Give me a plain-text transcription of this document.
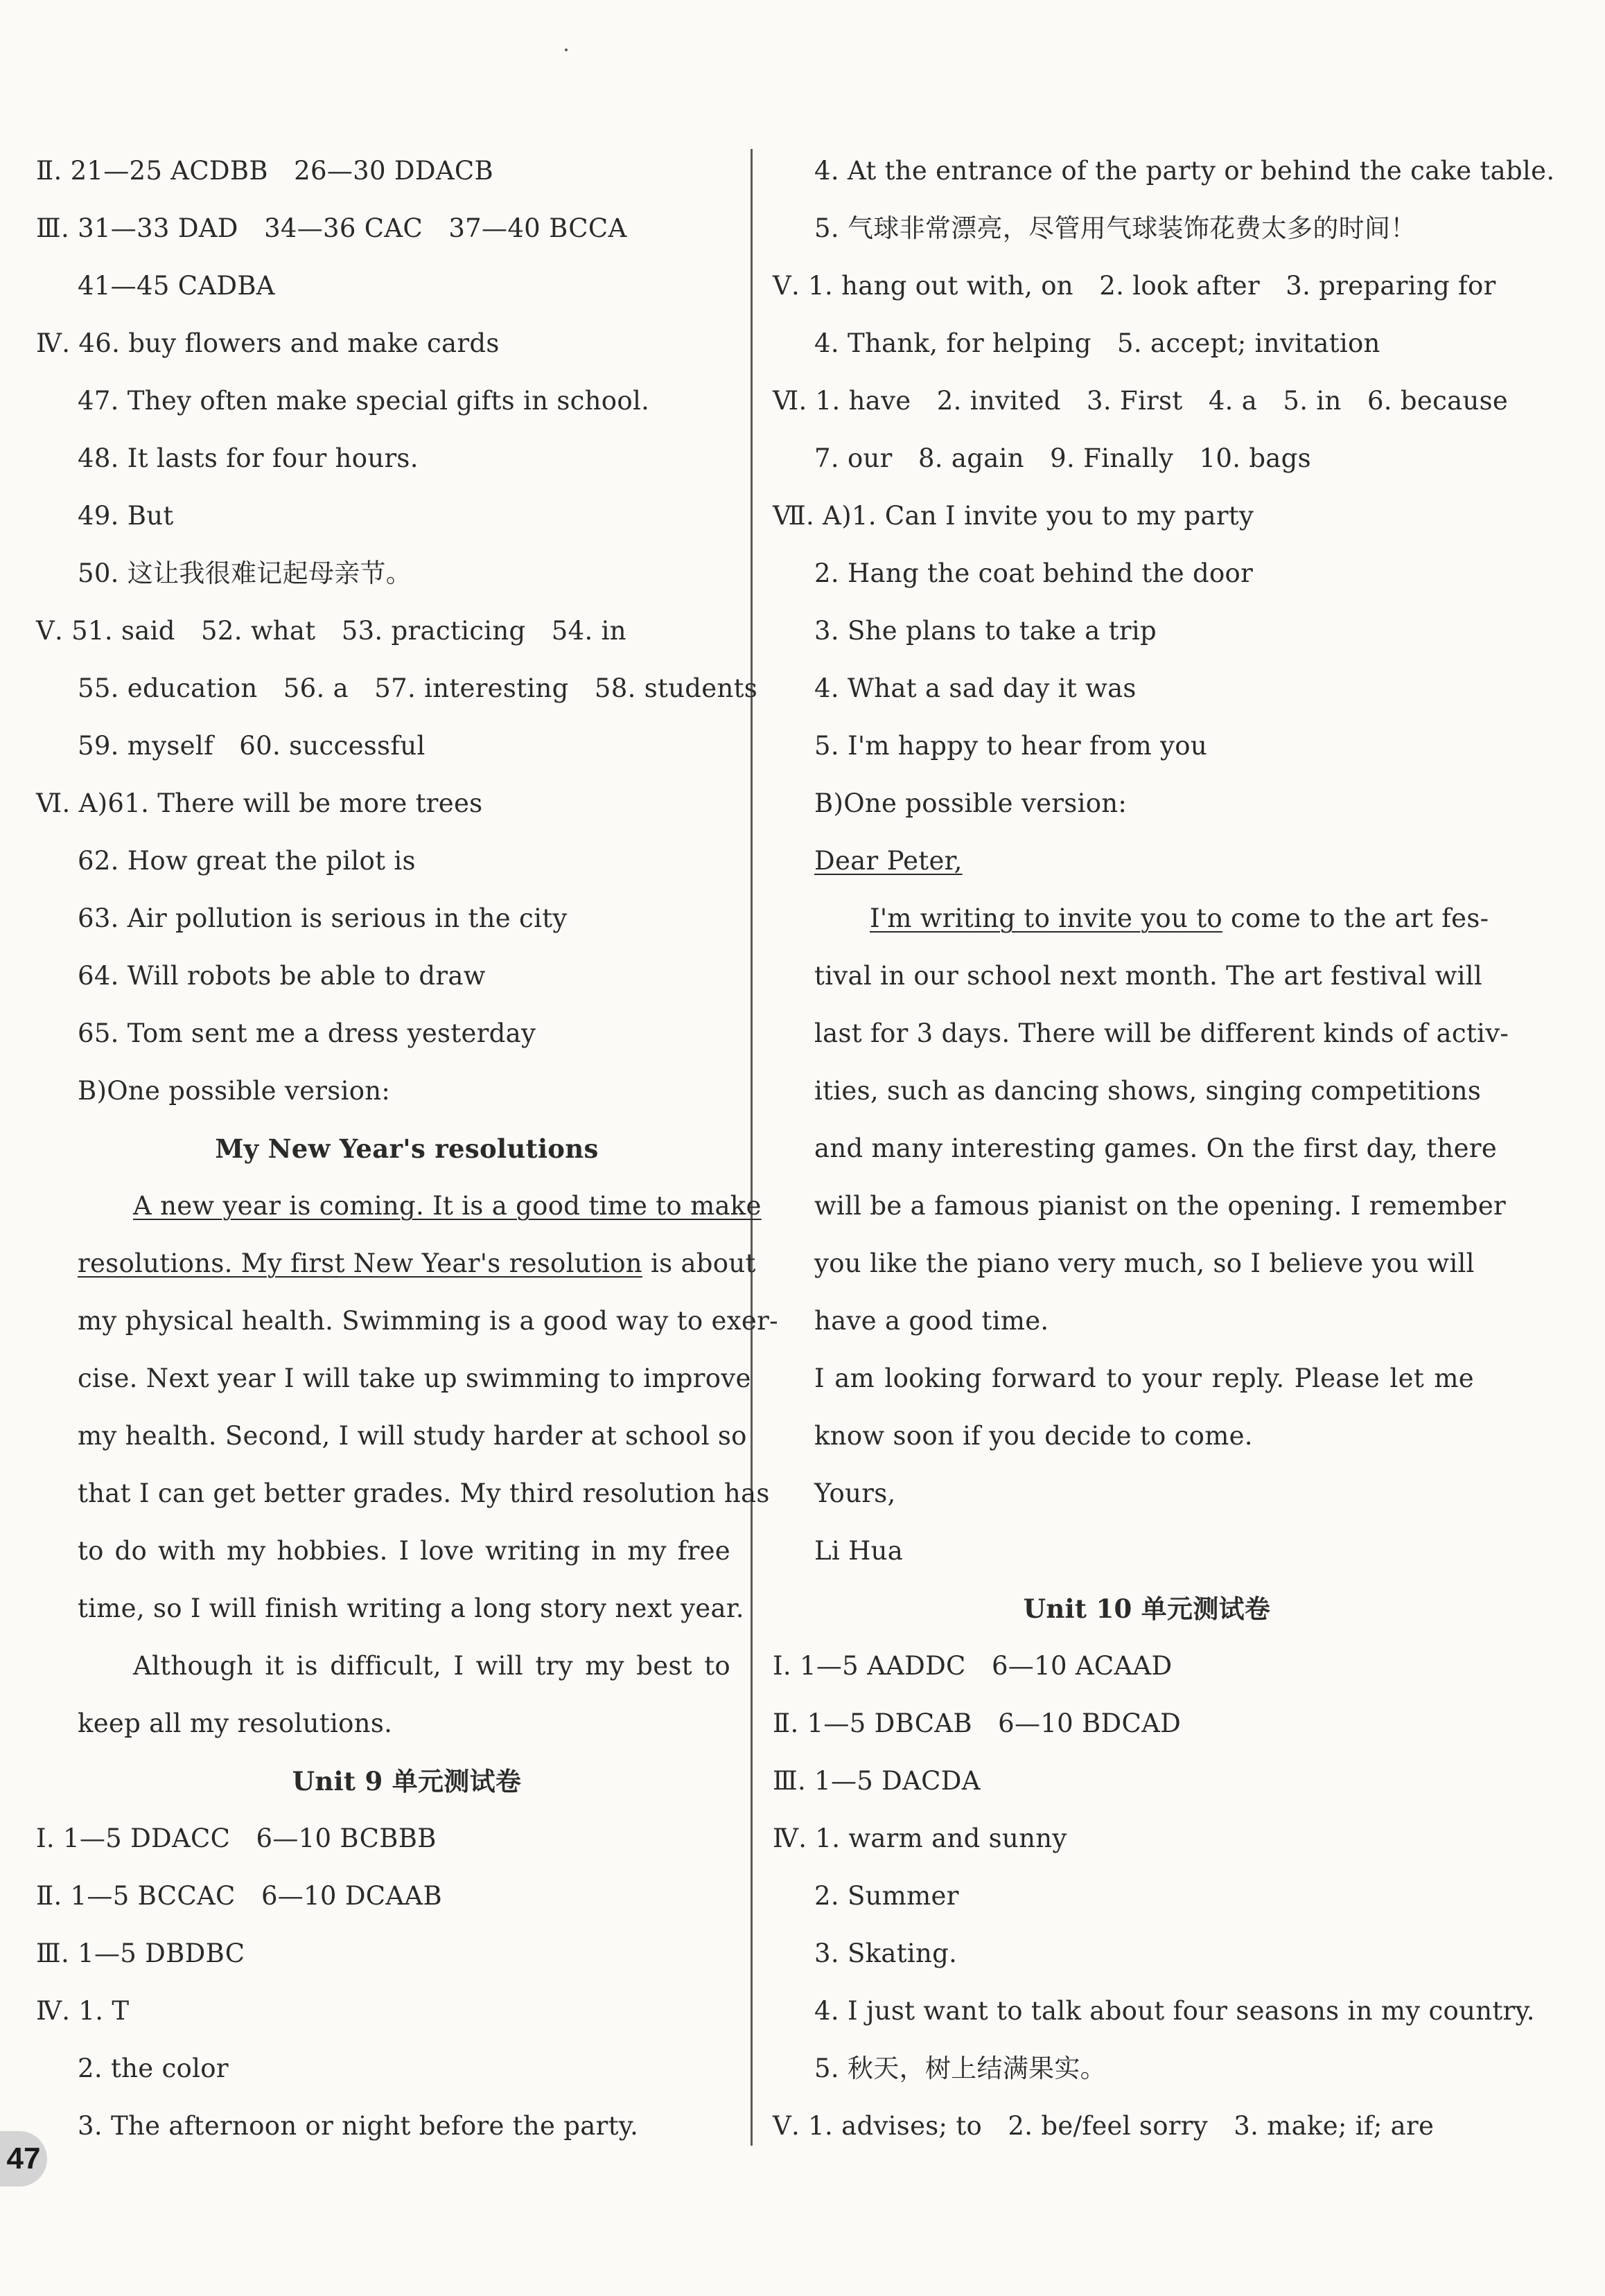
Ⅱ. 21—25 ACDBB　26—30 DDACB
Ⅲ. 31—33 DAD　34—36 CAC　37—40 BCCA
41—45 CADBA
Ⅳ. 46. buy flowers and make cards
47. They often make special gifts in school.
48. It lasts for four hours.
49. But
50. 这让我很难记起母亲节。
Ⅴ. 51. said　52. what　53. practicing　54. in
55. education　56. a　57. interesting　58. students
59. myself　60. successful
Ⅵ. A)61. There will be more trees
62. How great the pilot is
63. Air pollution is serious in the city
64. Will robots be able to draw
65. Tom sent me a dress yesterday
B)One possible version:
My New Year's resolutions
A new year is coming. It is a good time to make
resolutions. My first New Year's resolution is about
my physical health. Swimming is a good way to exer-
cise. Next year I will take up swimming to improve
my health. Second, I will study harder at school so
that I can get better grades. My third resolution has
to do with my hobbies. I love writing in my free
time, so I will finish writing a long story next year.
Although it is difficult, I will try my best to
keep all my resolutions.
Unit 9 单元测试卷
Ⅰ. 1—5 DDACC　6—10 BCBBB
Ⅱ. 1—5 BCCAC　6—10 DCAAB
Ⅲ. 1—5 DBDBC
Ⅳ. 1. T
2. the color
3. The afternoon or night before the party.
4. At the entrance of the party or behind the cake table.
5. 气球非常漂亮，尽管用气球装饰花费太多的时间！
Ⅴ. 1. hang out with, on　2. look after　3. preparing for
4. Thank, for helping　5. accept; invitation
Ⅵ. 1. have　2. invited　3. First　4. a　5. in　6. because
7. our　8. again　9. Finally　10. bags
Ⅶ. A)1. Can I invite you to my party
2. Hang the coat behind the door
3. She plans to take a trip
4. What a sad day it was
5. I'm happy to hear from you
B)One possible version:
Dear Peter,
I'm writing to invite you to come to the art fes-
tival in our school next month. The art festival will
last for 3 days. There will be different kinds of activ-
ities, such as dancing shows, singing competitions
and many interesting games. On the first day, there
will be a famous pianist on the opening. I remember
you like the piano very much, so I believe you will
have a good time.
I am looking forward to your reply. Please let me
know soon if you decide to come.
Yours,
Li Hua
Unit 10 单元测试卷
Ⅰ. 1—5 AADDC　6—10 ACAAD
Ⅱ. 1—5 DBCAB　6—10 BDCAD
Ⅲ. 1—5 DACDA
Ⅳ. 1. warm and sunny
2. Summer
3. Skating.
4. I just want to talk about four seasons in my country.
5. 秋天，树上结满果实。
Ⅴ. 1. advises; to　2. be/feel sorry　3. make; if; are
47
